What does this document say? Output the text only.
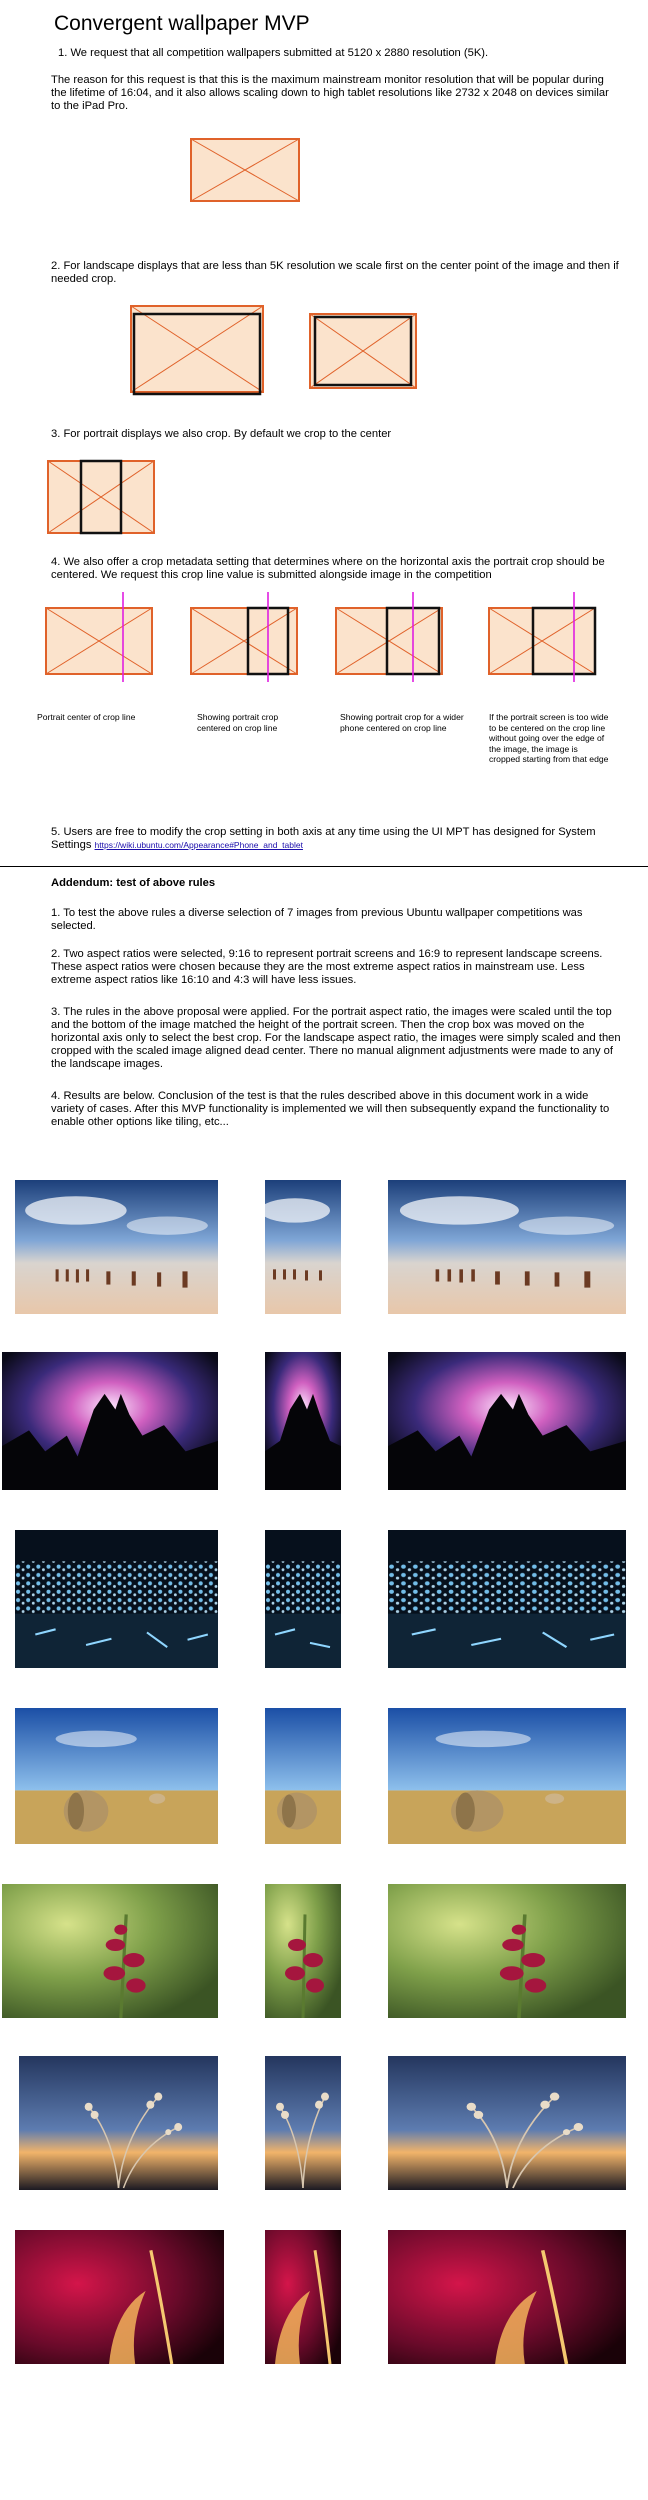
Convergent wallpaper MVP

1. We request that all competition wallpapers submitted at 5120 x 2880 resolution (5K).

The reason for this request is that this is the maximum mainstream monitor resolution that will be popular during the lifetime of 16:04, and it also allows scaling down to high tablet resolutions like 2732 x 2048 on devices similar to the iPad Pro.

2. For landscape displays that are less than 5K resolution we scale first on the center point of the image and then if needed crop.

3. For portrait displays we also crop. By default we crop to the center

4. We also offer a crop metadata setting that determines where on the horizontal axis the portrait crop should be centered. We request this crop line value is submitted alongside image in the competition

Portrait center of crop line	Showing portrait crop centered on crop line
Showing portrait crop for a wider phone centered on crop line
If the portrait screen is too wide to be centered on the crop line without going over the edge of the image, the image is cropped starting from that edge

5. Users are free to modify the crop setting in both axis at any time using the UI MPT has designed for System Settings https://wiki.ubuntu.com/Appearance#Phone_and_tablet

Addendum: test of above rules

1. To test the above rules a diverse selection of 7 images from previous Ubuntu wallpaper competitions was selected.

2. Two aspect ratios were selected, 9:16 to represent portrait screens and 16:9 to represent landscape screens. These aspect ratios were chosen because they are the most extreme aspect ratios in mainstream use. Less extreme aspect ratios like 16:10 and 4:3 will have less issues.

3. The rules in the above proposal were applied. For the portrait aspect ratio, the images were scaled until the top and the bottom of the image matched the height of the portrait screen. Then the crop box was moved on the horizontal axis only to select the best crop. For the landscape aspect ratio, the images were simply scaled and then cropped with the scaled image aligned dead center. There no manual alignment adjustments were made to any of the landscape images.

4. Results are below. Conclusion of the test is that the rules described above in this document work in a wide variety of cases. After this MVP functionality is implemented we will then subsequently expand the functionality to enable other options like tiling, etc...
